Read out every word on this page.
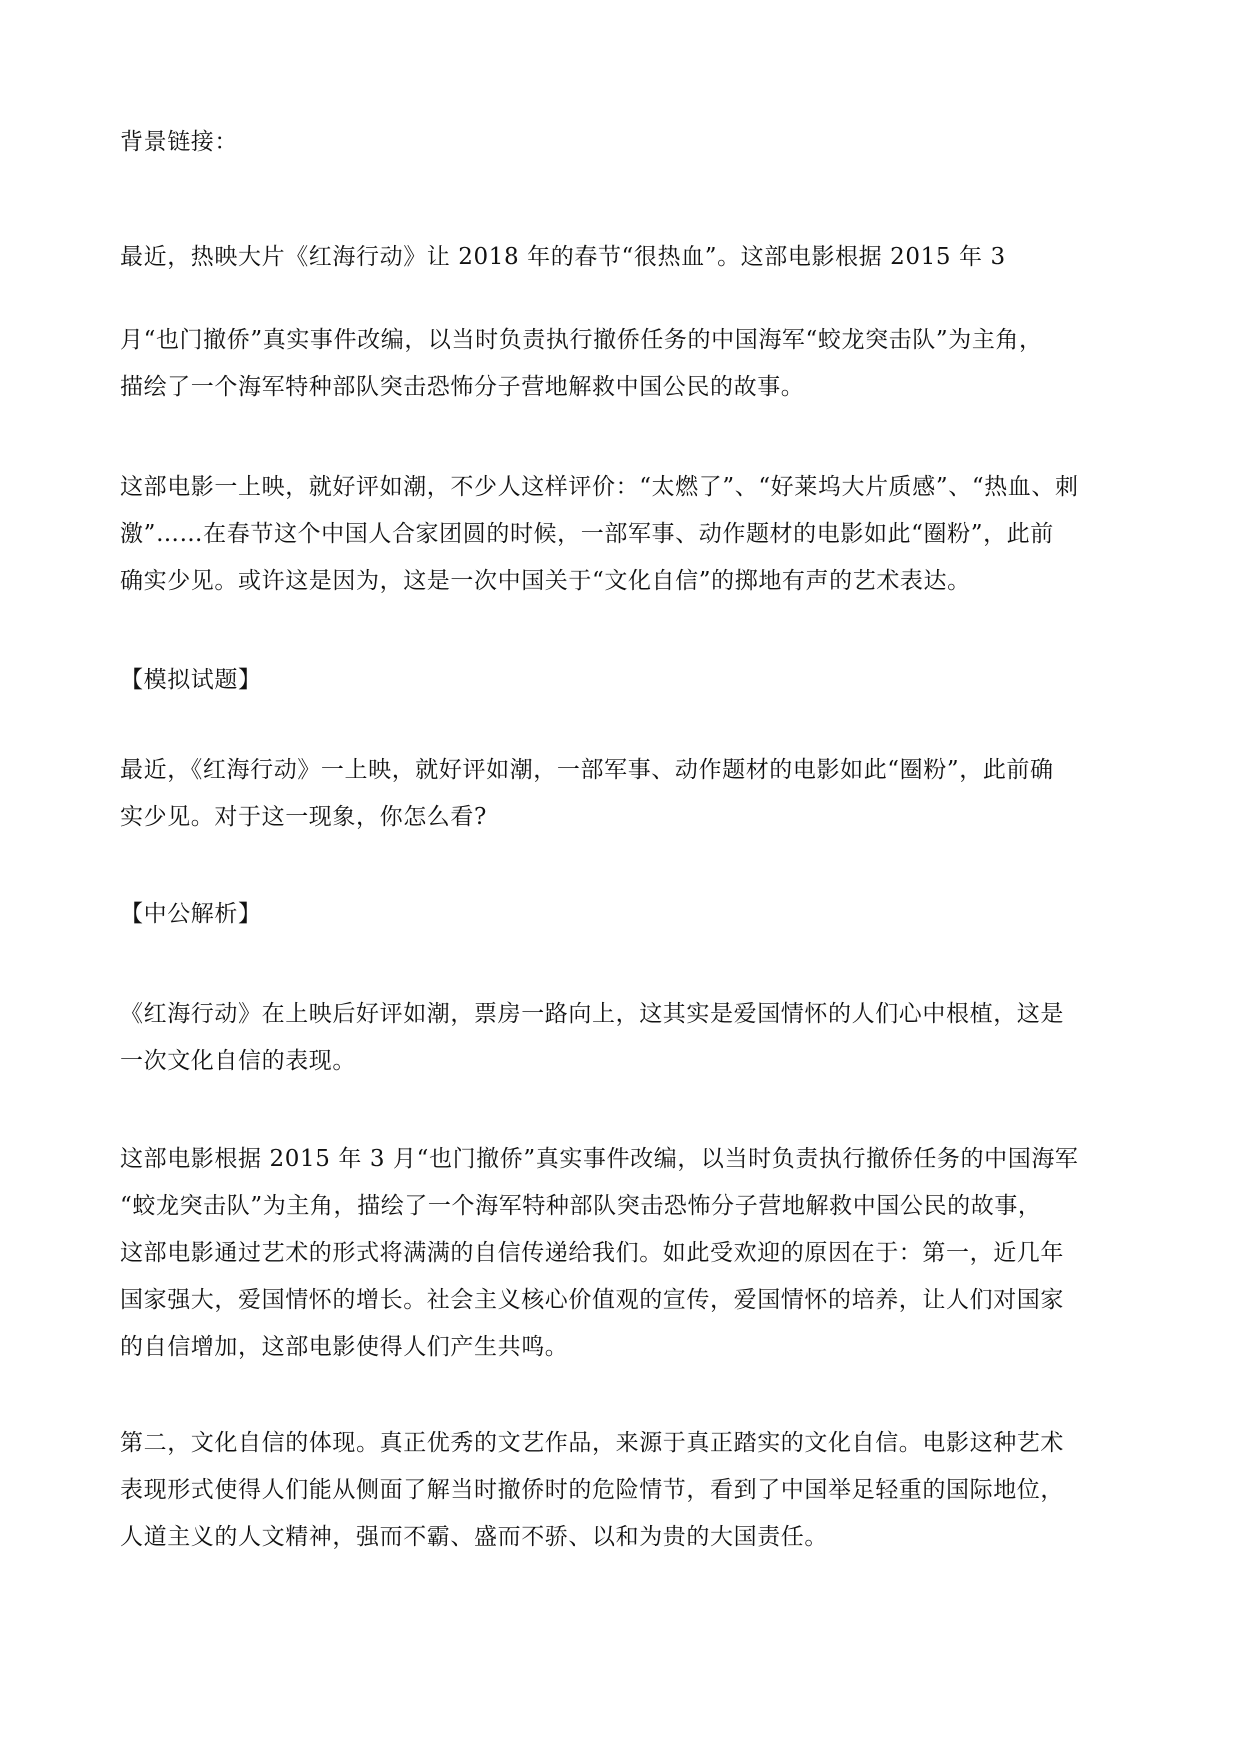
背景链接：

最近，热映大片《红海行动》让 2018 年的春节“很热血”。这部电影根据 2015 年 3

月“也门撤侨”真实事件改编，以当时负责执行撤侨任务的中国海军“蛟龙突击队”为主角，
描绘了一个海军特种部队突击恐怖分子营地解救中国公民的故事。

这部电影一上映，就好评如潮，不少人这样评价：“太燃了”、“好莱坞大片质感”、“热血、刺
激”……在春节这个中国人合家团圆的时候，一部军事、动作题材的电影如此“圈粉”，此前
确实少见。或许这是因为，这是一次中国关于“文化自信”的掷地有声的艺术表达。

【模拟试题】

最近，《红海行动》一上映，就好评如潮，一部军事、动作题材的电影如此“圈粉”，此前确
实少见。对于这一现象，你怎么看?

【中公解析】

《红海行动》在上映后好评如潮，票房一路向上，这其实是爱国情怀的人们心中根植，这是
一次文化自信的表现。

这部电影根据 2015 年 3 月“也门撤侨”真实事件改编，以当时负责执行撤侨任务的中国海军
“蛟龙突击队”为主角，描绘了一个海军特种部队突击恐怖分子营地解救中国公民的故事，
这部电影通过艺术的形式将满满的自信传递给我们。如此受欢迎的原因在于：第一，近几年
国家强大，爱国情怀的增长。社会主义核心价值观的宣传，爱国情怀的培养，让人们对国家
的自信增加，这部电影使得人们产生共鸣。

第二，文化自信的体现。真正优秀的文艺作品，来源于真正踏实的文化自信。电影这种艺术
表现形式使得人们能从侧面了解当时撤侨时的危险情节，看到了中国举足轻重的国际地位，
人道主义的人文精神，强而不霸、盛而不骄、以和为贵的大国责任。
